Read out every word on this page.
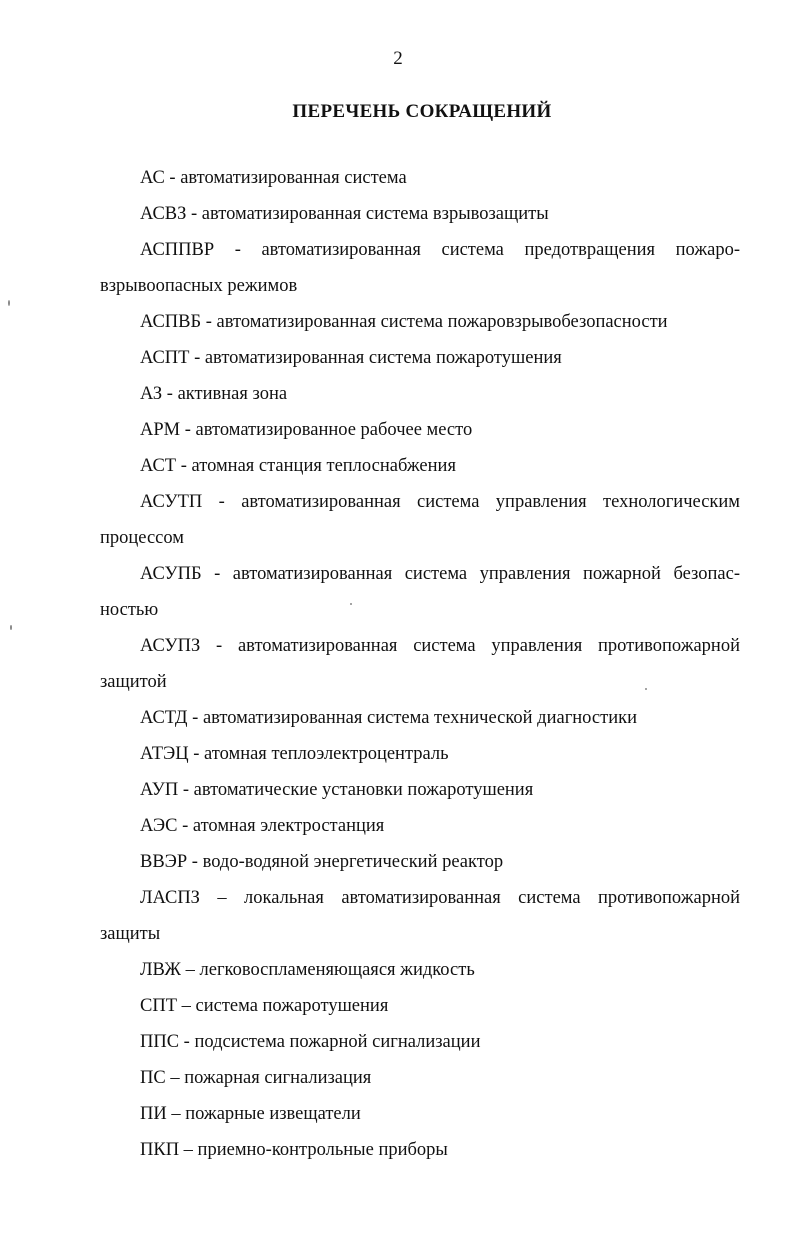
2
ПЕРЕЧЕНЬ СОКРАЩЕНИЙ

АС - автоматизированная система

АСВЗ - автоматизированная система взрывозащиты

АСППВР - автоматизированная система предотвращения пожаро-
взрывоопасных режимов

АСПВБ - автоматизированная система пожаровзрывобезопасности

АСПТ - автоматизированная система пожаротушения

АЗ - активная зона

АРМ - автоматизированное рабочее место

АСТ - атомная станция теплоснабжения

АСУТП - автоматизированная система управления технологическим
процессом

АСУПБ - автоматизированная система управления пожарной безопас-
ностью

АСУПЗ - автоматизированная система управления противопожарной
защитой

АСТД - автоматизированная система технической диагностики

АТЭЦ - атомная теплоэлектроцентраль

АУП - автоматические установки пожаротушения

АЭС - атомная электростанция

ВВЭР - водо-водяной энергетический реактор

ЛАСПЗ – локальная автоматизированная система противопожарной
защиты

ЛВЖ – легковоспламеняющаяся жидкость

СПТ – система пожаротушения

ППС - подсистема пожарной сигнализации

ПС – пожарная сигнализация

ПИ – пожарные извещатели

ПКП – приемно-контрольные приборы
